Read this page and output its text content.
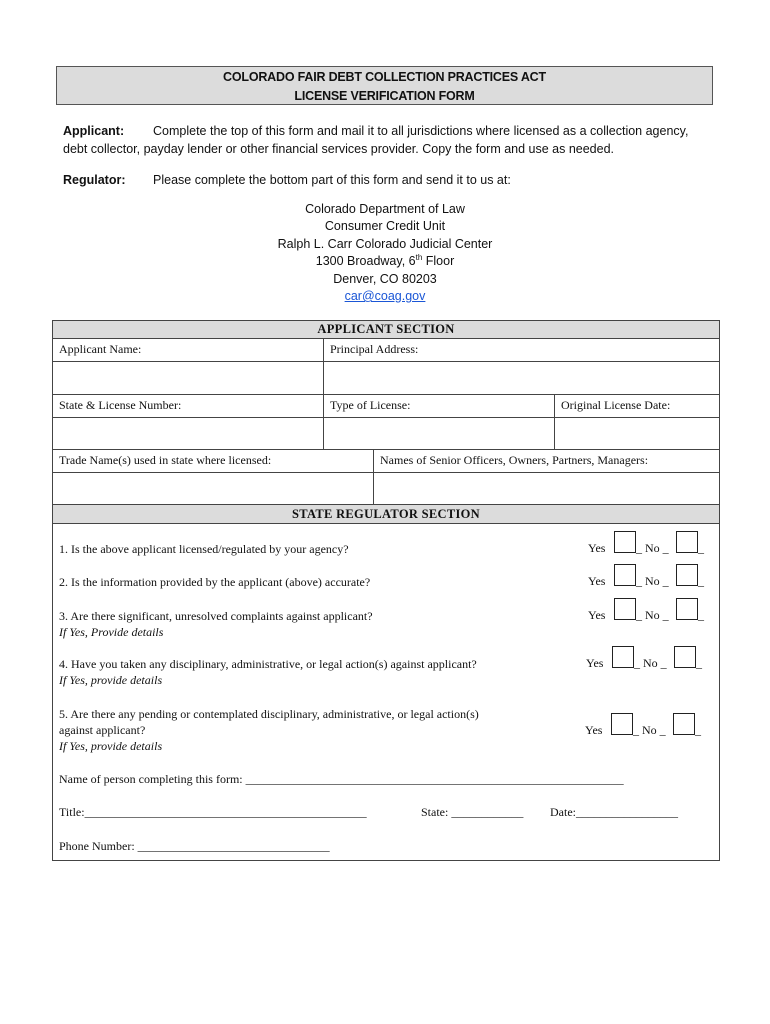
COLORADO FAIR DEBT COLLECTION PRACTICES ACT
LICENSE VERIFICATION FORM
Applicant: Complete the top of this form and mail it to all jurisdictions where licensed as a collection agency,
debt collector, payday lender or other financial services provider. Copy the form and use as needed.
Regulator: Please complete the bottom part of this form and send it to us at:
Colorado Department of Law
Consumer Credit Unit
Ralph L. Carr Colorado Judicial Center
1300 Broadway, 6th Floor
Denver, CO 80203
car@coag.gov
APPLICANT SECTION
Applicant Name:	Principal Address:
State & License Number:	Type of License:	Original License Date:
Trade Name(s) used in state where licensed:	Names of Senior Officers, Owners, Partners, Managers:
STATE REGULATOR SECTION
1. Is the above applicant licensed/regulated by your agency?	Yes	_ No _ _
2. Is the information provided by the applicant (above) accurate?	Yes	_ No _ _
3. Are there significant, unresolved complaints against applicant?
If Yes, Provide details
Yes	_ No _ _
4. Have you taken any disciplinary, administrative, or legal action(s) against applicant?
If Yes, provide details
Yes	_ No _ _
5. Are there any pending or contemplated disciplinary, administrative, or legal action(s)
against applicant?
If Yes, provide details
Yes	_ No _ _
Name of person completing this form: _______________________________________________________________
Title:_______________________________________________	State: ____________ Date:_________________
Phone Number: ________________________________
